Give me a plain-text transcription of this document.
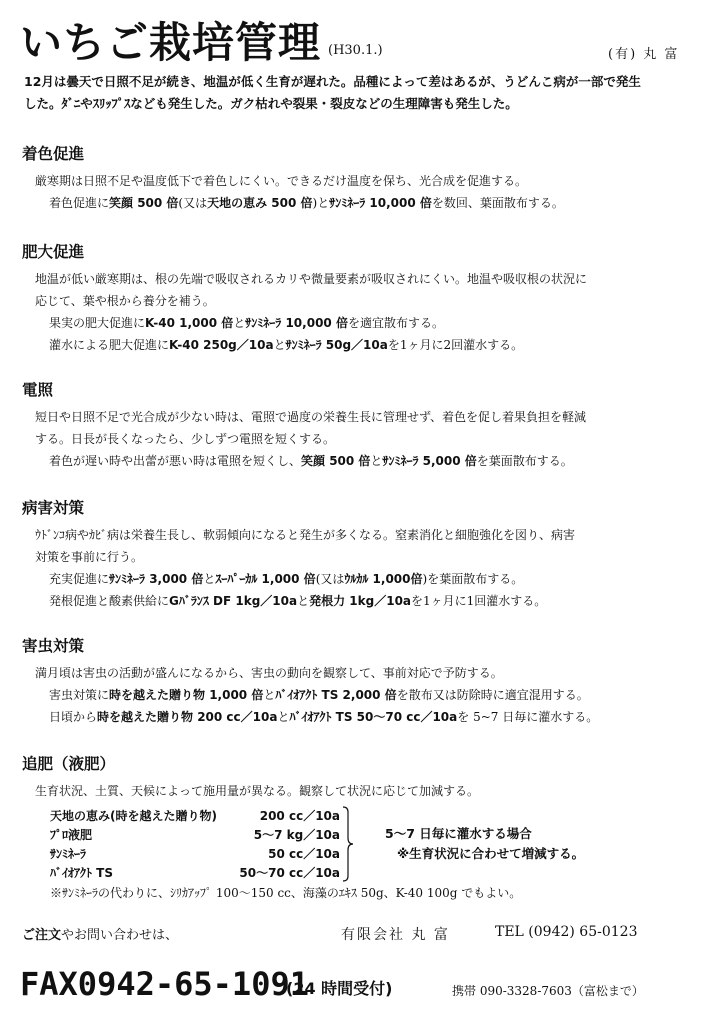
いちご栽培管理 (H30.1.)	(有) 丸 富

12月は曇天で日照不足が続き、地温が低く生育が遅れた。品種によって差はあるが、うどんこ病が一部で発生

した。ﾀﾞﾆやｽﾘｯﾌﾟｽなども発生した。ガク枯れや裂果・裂皮などの生理障害も発生した。

着色促進

厳寒期は日照不足や温度低下で着色しにくい。できるだけ温度を保ち、光合成を促進する。

着色促進に笑顔 500 倍(又は天地の恵み 500 倍)とｻﾝﾐﾈｰﾗ 10,000 倍を数回、葉面散布する。

肥大促進

地温が低い厳寒期は、根の先端で吸収されるカリや微量要素が吸収されにくい。地温や吸収根の状況に

応じて、葉や根から養分を補う。

果実の肥大促進にK-40 1,000 倍とｻﾝﾐﾈｰﾗ 10,000 倍を適宜散布する。

灌水による肥大促進にK-40 250g／10aとｻﾝﾐﾈｰﾗ 50g／10aを1ヶ月に2回灌水する。

電照

短日や日照不足で光合成が少ない時は、電照で過度の栄養生長に管理せず、着色を促し着果負担を軽減

する。日長が長くなったら、少しずつ電照を短くする。

着色が遅い時や出蕾が悪い時は電照を短くし、笑顔 500 倍とｻﾝﾐﾈｰﾗ 5,000 倍を葉面散布する。

病害対策

ｳﾄﾞﾝｺ病やｶﾋﾞ病は栄養生長し、軟弱傾向になると発生が多くなる。窒素消化と細胞強化を図り、病害

対策を事前に行う。

充実促進にｻﾝﾐﾈｰﾗ 3,000 倍とｽｰﾊﾟｰｶﾙ 1,000 倍(又はｳﾙｶﾙ 1,000倍)を葉面散布する。

発根促進と酸素供給にGﾊﾞﾗﾝｽ DF 1kg／10aと発根力 1kg／10aを1ヶ月に1回灌水する。

害虫対策

満月頃は害虫の活動が盛んになるから、害虫の動向を観察して、事前対応で予防する。

害虫対策に時を越えた贈り物 1,000 倍とﾊﾞｲｵｱｸﾄ TS 2,000 倍を散布又は防除時に適宜混用する。

日頃から時を越えた贈り物 200 cc／10aとﾊﾞｲｵｱｸﾄ TS 50〜70 cc／10aを 5~7 日毎に灌水する。

追肥（液肥）

生育状況、土質、天候によって施用量が異なる。観察して状況に応じて加減する。

天地の恵み(時を越えた贈り物)	200 cc／10a
ﾌﾟﾛ液肥	5〜7 kg／10a
ｻﾝﾐﾈｰﾗ	50 cc／10a
ﾊﾞｲｵｱｸﾄ TS	50〜70 cc／10a
5〜7 日毎に灌水する場合
※生育状況に合わせて増減する。
※ｻﾝﾐﾈｰﾗの代わりに、ｼﾘｶｱｯﾌﾟ 100〜150 cc、海藻のｴｷｽ 50g、K-40 100g でもよい。
ご注文やお問い合わせは、	有限会社 丸 富	TEL (0942) 65-0123
FAX0942-65-1091
(24 時間受付)	携帯 090-3328-7603（富松まで）
